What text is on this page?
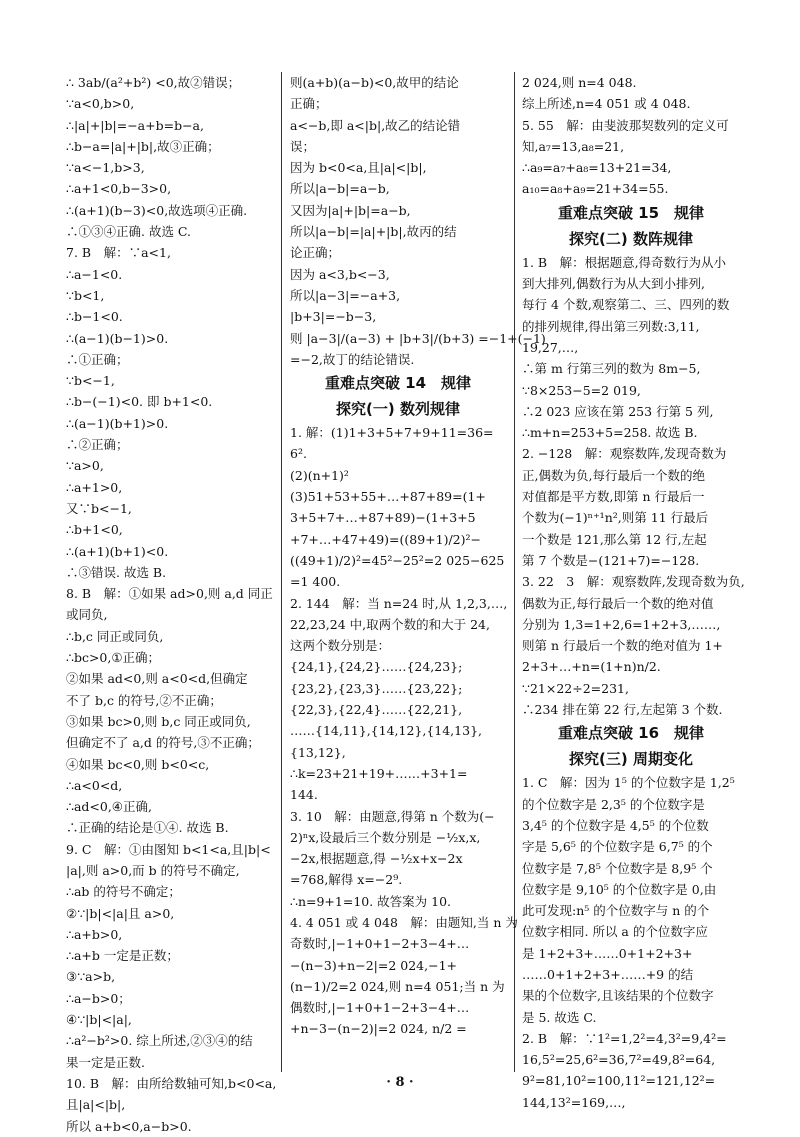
∴ 3ab/(a²+b²) <0,故②错误；
∵a<0,b>0,
∴|a|+|b|=−a+b=b−a,
∴b−a=|a|+|b|,故③正确；
∵a<−1,b>3,
∴a+1<0,b−3>0,
∴(a+1)(b−3)<0,故选项④正确.
∴①③④正确. 故选 C.
7. B　解：∵a<1,
∴a−1<0.
∵b<1,
∴b−1<0.
∴(a−1)(b−1)>0.
∴①正确；
∵b<−1,
∴b−(−1)<0. 即 b+1<0.
∴(a−1)(b+1)>0.
∴②正确；
∵a>0,
∴a+1>0,
又∵b<−1,
∴b+1<0,
∴(a+1)(b+1)<0.
∴③错误. 故选 B.
8. B　解：①如果 ad>0,则 a,d 同正
或同负,
∴b,c 同正或同负,
∴bc>0,①正确；
②如果 ad<0,则 a<0<d,但确定
不了 b,c 的符号,②不正确；
③如果 bc>0,则 b,c 同正或同负,
但确定不了 a,d 的符号,③不正确；
④如果 bc<0,则 b<0<c,
∴a<0<d,
∴ad<0,④正确,
∴正确的结论是①④. 故选 B.
9. C　解：①由图知 b<1<a,且|b|<
|a|,则 a>0,而 b 的符号不确定,
∴ab 的符号不确定；
②∵|b|<|a|且 a>0,
∴a+b>0,
∴a+b 一定是正数；
③∵a>b,
∴a−b>0；
④∵|b|<|a|,
∴a²−b²>0. 综上所述,②③④的结
果一定是正数.
10. B　解：由所给数轴可知,b<0<a,
且|a|<|b|,
所以 a+b<0,a−b>0.
则(a+b)(a−b)<0,故甲的结论
正确；
a<−b,即 a<|b|,故乙的结论错
误；
因为 b<0<a,且|a|<|b|,
所以|a−b|=a−b,
又因为|a|+|b|=a−b,
所以|a−b|=|a|+|b|,故丙的结
论正确；
因为 a<3,b<−3,
所以|a−3|=−a+3,
|b+3|=−b−3,
则 |a−3|/(a−3) + |b+3|/(b+3) =−1+(−1)
=−2,故丁的结论错误.
重难点突破 14　规律
探究(一) 数列规律
1. 解：(1)1+3+5+7+9+11=36=
6².
(2)(n+1)²
(3)51+53+55+…+87+89=(1+
3+5+7+…+87+89)−(1+3+5
+7+…+47+49)=((89+1)/2)²−
((49+1)/2)²=45²−25²=2 025−625
=1 400.
2. 144　解：当 n=24 时,从 1,2,3,…,
22,23,24 中,取两个数的和大于 24,
这两个数分别是：
{24,1},{24,2}……{24,23};
{23,2},{23,3}……{23,22};
{22,3},{22,4}……{22,21},
……{14,11},{14,12},{14,13},
{13,12},
∴k=23+21+19+……+3+1=
144.
3. 10　解：由题意,得第 n 个数为(−
2)ⁿx,设最后三个数分别是 −½x,x,
−2x,根据题意,得 −½x+x−2x
=768,解得 x=−2⁹.
∴n=9+1=10. 故答案为 10.
4. 4 051 或 4 048　解：由题知,当 n 为
奇数时,|−1+0+1−2+3−4+…
−(n−3)+n−2|=2 024,−1+
(n−1)/2=2 024,则 n=4 051;当 n 为
偶数时,|−1+0+1−2+3−4+…
+n−3−(n−2)|=2 024, n/2 =
2 024,则 n=4 048.
综上所述,n=4 051 或 4 048.
5. 55　解：由斐波那契数列的定义可
知,a₇=13,a₈=21,
∴a₉=a₇+a₈=13+21=34,
a₁₀=a₈+a₉=21+34=55.
重难点突破 15　规律
探究(二) 数阵规律
1. B　解：根据题意,得奇数行为从小
到大排列,偶数行为从大到小排列,
每行 4 个数,观察第二、三、四列的数
的排列规律,得出第三列数:3,11,
19,27,…,
∴第 m 行第三列的数为 8m−5,
∵8×253−5=2 019,
∴2 023 应该在第 253 行第 5 列,
∴m+n=253+5=258. 故选 B.
2. −128　解：观察数阵,发现奇数为
正,偶数为负,每行最后一个数的绝
对值都是平方数,即第 n 行最后一
个数为(−1)ⁿ⁺¹n²,则第 11 行最后
一个数是 121,那么第 12 行,左起
第 7 个数是−(121+7)=−128.
3. 22　3　解：观察数阵,发现奇数为负,
偶数为正,每行最后一个数的绝对值
分别为 1,3=1+2,6=1+2+3,……,
则第 n 行最后一个数的绝对值为 1+
2+3+…+n=(1+n)n/2.
∵21×22÷2=231,
∴234 排在第 22 行,左起第 3 个数.
重难点突破 16　规律
探究(三) 周期变化
1. C　解：因为 1⁵ 的个位数字是 1,2⁵
的个位数字是 2,3⁵ 的个位数字是
3,4⁵ 的个位数字是 4,5⁵ 的个位数
字是 5,6⁵ 的个位数字是 6,7⁵ 的个
位数字是 7,8⁵ 个位数字是 8,9⁵ 个
位数字是 9,10⁵ 的个位数字是 0,由
此可发现:n⁵ 的个位数字与 n 的个
位数字相同. 所以 a 的个位数字应
是 1+2+3+……0+1+2+3+
……0+1+2+3+……+9 的结
果的个位数字,且该结果的个位数字
是 5. 故选 C.
2. B　解：∵1²=1,2²=4,3²=9,4²=
16,5²=25,6²=36,7²=49,8²=64,
9²=81,10²=100,11²=121,12²=
144,13²=169,…,
· 8 ·
